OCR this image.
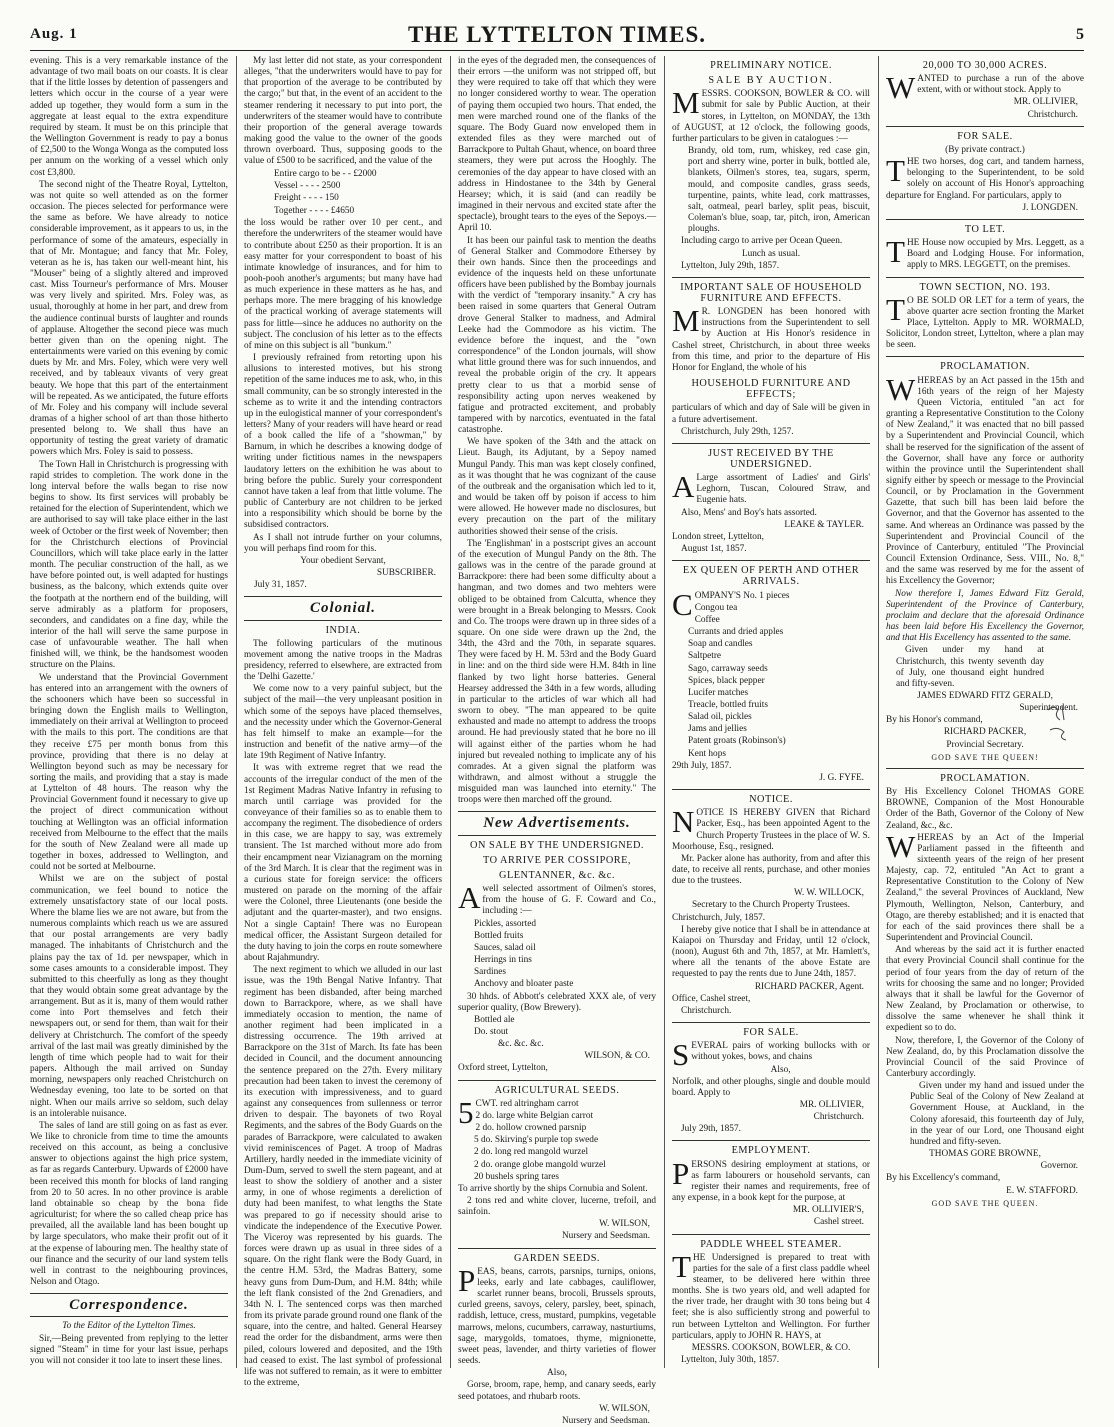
Aug. 1	THE LYTTELTON TIMES.	5

evening. This is a very remarkable instance of the advantage of two mail boats on our coasts. It is clear that if the little losses by detention of passengers and letters which occur in the course of a year were added up together, they would form a sum in the aggregate at least equal to the extra expenditure required by steam. It must be on this principle that the Wellington Government is ready to pay a bonus of £2,500 to the Wonga Wonga as the computed loss per annum on the working of a vessel which only cost £3,800.

The second night of the Theatre Royal, Lyttelton, was not quite so well attended as on the former occasion. The pieces selected for performance were the same as before. We have already to notice considerable improvement, as it appears to us, in the performance of some of the amateurs, especially in that of Mr. Montague; and fancy that Mr. Foley, veteran as he is, has taken our well-meant hint, his "Mouser" being of a slightly altered and improved cast. Miss Tourneur's performance of Mrs. Mouser was very lively and spirited. Mrs. Foley was, as usual, thoroughly at home in her part, and drew from the audience continual bursts of laughter and rounds of applause. Altogether the second piece was much better given than on the opening night. The entertainments were varied on this evening by comic duets by Mr. and Mrs. Foley, which were very well received, and by tableaux vivants of very great beauty. We hope that this part of the entertainment will be repeated. As we anticipated, the future efforts of Mr. Foley and his company will include several dramas of a higher school of art than those hitherto presented belong to. We shall thus have an opportunity of testing the great variety of dramatic powers which Mrs. Foley is said to possess.

The Town Hall in Christchurch is progressing with rapid strides to completion. The work done in the long interval before the walls began to rise now begins to show. Its first services will probably be retained for the election of Superintendent, which we are authorised to say will take place either in the last week of October or the first week of November; then for the Christchurch elections of Provincial Councillors, which will take place early in the latter month. The peculiar construction of the hall, as we have before pointed out, is well adapted for hustings business, as the balcony, which extends quite over the footpath at the northern end of the building, will serve admirably as a platform for proposers, seconders, and candidates on a fine day, while the interior of the hall will serve the same purpose in case of unfavourable weather. The hall when finished will, we think, be the handsomest wooden structure on the Plains.

We understand that the Provincial Government has entered into an arrangement with the owners of the schooners which have been so successful in bringing down the English mails to Wellington, immediately on their arrival at Wellington to proceed with the mails to this port. The conditions are that they receive £75 per month bonus from this province, providing that there is no delay at Wellington beyond such as may be necessary for sorting the mails, and providing that a stay is made at Lyttelton of 48 hours. The reason why the Provincial Government found it necessary to give up the project of direct communication without touching at Wellington was an official information received from Melbourne to the effect that the mails for the south of New Zealand were all made up together in boxes, addressed to Wellington, and could not be sorted at Melbourne.

Whilst we are on the subject of postal communication, we feel bound to notice the extremely unsatisfactory state of our local posts. Where the blame lies we are not aware, but from the numerous complaints which reach us we are assured that our postal arrangements are very badly managed. The inhabitants of Christchurch and the plains pay the tax of 1d. per newspaper, which in some cases amounts to a considerable impost. They submitted to this cheerfully as long as they thought that they would obtain some great advantage by the arrangement. But as it is, many of them would rather come into Port themselves and fetch their newspapers out, or send for them, than wait for their delivery at Christchurch. The comfort of the speedy arrival of the last mail was greatly diminished by the length of time which people had to wait for their papers. Although the mail arrived on Sunday morning, newspapers only reached Christchurch on Wednesday evening, too late to be sorted on that night. When our mails arrive so seldom, such delay is an intolerable nuisance.

The sales of land are still going on as fast as ever. We like to chronicle from time to time the amounts received on this account, as being a conclusive answer to objections against the high price system, as far as regards Canterbury. Upwards of £2000 have been received this month for blocks of land ranging from 20 to 50 acres. In no other province is arable land obtainable so cheap by the bona fide agriculturist; for where the so called cheap price has prevailed, all the available land has been bought up by large speculators, who make their profit out of it at the expense of labouring men. The healthy state of our finance and the security of our land system tells well in contrast to the neighbouring provinces, Nelson and Otago.

Correspondence.

To the Editor of the Lyttelton Times.

Sir,—Being prevented from replying to the letter signed "Steam" in time for your last issue, perhaps you will not consider it too late to insert these lines.

My last letter did not state, as your correspondent alleges, "that the underwriters would have to pay for that proportion of the average to be contributed by the cargo;" but that, in the event of an accident to the steamer rendering it necessary to put into port, the underwriters of the steamer would have to contribute their proportion of the general average towards making good the value to the owner of the goods thrown overboard. Thus, supposing goods to the value of £500 to be sacrificed, and the value of the

Entire cargo to be - - £2000

Vessel - - - - 2500

Freight - - - - 150

Together - - - - £4650

the loss would be rather over 10 per cent., and therefore the underwriters of the steamer would have to contribute about £250 as their proportion. It is an easy matter for your correspondent to boast of his intimate knowledge of insurances, and for him to pooh-pooh another's arguments; but many have had as much experience in these matters as he has, and perhaps more. The mere bragging of his knowledge of the practical working of average statements will pass for little—since he adduces no authority on the subject. The conclusion of his letter as to the effects of mine on this subject is all "bunkum."

I previously refrained from retorting upon his allusions to interested motives, but his strong repetition of the same induces me to ask, who, in this small community, can be so strongly interested in the scheme as to write it and the intending contractors up in the eulogistical manner of your correspondent's letters? Many of your readers will have heard or read of a book called the life of a "showman," by Barnum, in which he describes a knowing dodge of writing under fictitious names in the newspapers laudatory letters on the exhibition he was about to bring before the public. Surely your correspondent cannot have taken a leaf from that little volume. The public of Canterbury are not children to be jerked into a responsibility which should be borne by the subsidised contractors.

As I shall not intrude further on your columns, you will perhaps find room for this.

Your obedient Servant,

SUBSCRIBER.

July 31, 1857.

Colonial.
INDIA.

The following particulars of the mutinous movement among the native troops in the Madras presidency, referred to elsewhere, are extracted from the 'Delhi Gazette.'

We come now to a very painful subject, but the subject of the mail—the very unpleasant position in which some of the sepoys have placed themselves, and the necessity under which the Governor-General has felt himself to make an example—for the instruction and benefit of the native army—of the late 19th Regiment of Native Infantry.

It was with extreme regret that we read the accounts of the irregular conduct of the men of the 1st Regiment Madras Native Infantry in refusing to march until carriage was provided for the conveyance of their families so as to enable them to accompany the regiment. The disobedience of orders in this case, we are happy to say, was extremely transient. The 1st marched without more ado from their encampment near Vizianagram on the morning of the 3rd March. It is clear that the regiment was in a curious state for foreign service: the officers mustered on parade on the morning of the affair were the Colonel, three Lieutenants (one beside the adjutant and the quarter-master), and two ensigns. Not a single Captain! There was no European medical officer, the Assistant Surgeon detailed for the duty having to join the corps en route somewhere about Rajahmundry.

The next regiment to which we alluded in our last issue, was the 19th Bengal Native Infantry. That regiment has been disbanded, after being marched down to Barrackpore, where, as we shall have immediately occasion to mention, the name of another regiment had been implicated in a distressing occurrence. The 19th arrived at Barrackpore on the 31st of March. Its fate has been decided in Council, and the document announcing the sentence prepared on the 27th. Every military precaution had been taken to invest the ceremony of its execution with impressiveness, and to guard against any consequences from sullenness or terror driven to despair. The bayonets of two Royal Regiments, and the sabres of the Body Guards on the parades of Barrackpore, were calculated to awaken vivid reminiscences of Paget. A troop of Madras Artillery, hardly needed in the immediate vicinity of Dum-Dum, served to swell the stern pageant, and at least to show the soldiery of another and a sister army, in one of whose regiments a dereliction of duty had been manifest, to what lengths the State was prepared to go if necessity should arise to vindicate the independence of the Executive Power. The Viceroy was represented by his guards. The forces were drawn up as usual in three sides of a square. On the right flank were the Body Guard, in the centre H.M. 53rd, the Madras Battery, some heavy guns from Dum-Dum, and H.M. 84th; while the left flank consisted of the 2nd Grenadiers, and 34th N. I. The sentenced corps was then marched from its private parade ground round one flank of the square, into the centre, and halted. General Hearsey read the order for the disbandment, arms were then piled, colours lowered and deposited, and the 19th had ceased to exist. The last symbol of professional life was not suffered to remain, as it were to embitter to the extreme,

in the eyes of the degraded men, the consequences of their errors —the uniform was not stripped off, but they were required to take off that which they were no longer considered worthy to wear. The operation of paying them occupied two hours. That ended, the men were marched round one of the flanks of the square. The Body Guard now enveloped them in extended files as they were marched out of Barrackpore to Pultah Ghaut, whence, on board three steamers, they were put across the Hooghly. The ceremonies of the day appear to have closed with an address in Hindostanee to the 34th by General Hearsey; which, it is said (and can readily be imagined in their nervous and excited state after the spectacle), brought tears to the eyes of the Sepoys.—April 10.

It has been our painful task to mention the deaths of General Stalker and Commodore Ethersey by their own hands. Since then the proceedings and evidence of the inquests held on these unfortunate officers have been published by the Bombay journals with the verdict of "temporary insanity." A cry has been raised in some quarters that General Outram drove General Stalker to madness, and Admiral Leeke had the Commodore as his victim. The evidence before the inquest, and the "own correspondence" of the London journals, will show what little ground there was for such innuendos, and reveal the probable origin of the cry. It appears pretty clear to us that a morbid sense of responsibility acting upon nerves weakened by fatigue and protracted excitement, and probably tampered with by narcotics, eventuated in the fatal catastrophe.

We have spoken of the 34th and the attack on Lieut. Baugh, its Adjutant, by a Sepoy named Mungul Pandy. This man was kept closely confined, as it was thought that he was cognizant of the cause of the outbreak and the organisation which led to it, and would be taken off by poison if access to him were allowed. He however made no disclosures, but every precaution on the part of the military authorities showed their sense of the crisis.

The 'Englishman' in a postscript gives an account of the execution of Mungul Pandy on the 8th. The gallows was in the centre of the parade ground at Barrackpore: there had been some difficulty about a hangman, and two domes and two mehters were obliged to be obtained from Calcutta, whence they were brought in a Break belonging to Messrs. Cook and Co. The troops were drawn up in three sides of a square. On one side were drawn up the 2nd, the 34th, the 43rd and the 70th, in separate squares. They were faced by H. M. 53rd and the Body Guard in line: and on the third side were H.M. 84th in line flanked by two light horse batteries. General Hearsey addressed the 34th in a few words, alluding in particular to the articles of war which all had sworn to obey. "The man appeared to be quite exhausted and made no attempt to address the troops around. He had previously stated that he bore no ill will against either of the parties whom he had injured but revealed nothing to implicate any of his comrades. At a given signal the platform was withdrawn, and almost without a struggle the misguided man was launched into eternity." The troops were then marched off the ground.

New Advertisements.
ON SALE BY THE UNDERSIGNED.
TO ARRIVE PER COSSIPORE,
GLENTANNER, &c. &c.

Awell selected assortment of Oilmen's stores, from the house of G. F. Coward and Co., including :—

Pickles, assorted

Bottled fruits

Sauces, salad oil

Herrings in tins

Sardines

Anchovy and bloater paste

30 hhds. of Abbott's celebrated XXX ale, of very superior quality, (Bow Brewery).

Bottled ale

Do. stout

&c. &c. &c.

WILSON, & CO.

Oxford street, Lyttelton,

AGRICULTURAL SEEDS.

5CWT. red altringham carrot

2 do. large white Belgian carrot

2 do. hollow crowned parsnip

5 do. Skirving's purple top swede

2 do. long red mangold wurzel

2 do. orange globe mangold wurzel

20 bushels spring tares

To arrive shortly by the ships Cornubia and Solent.

2 tons red and white clover, lucerne, trefoil, and sainfoin.

W. WILSON,

Nursery and Seedsman.

GARDEN SEEDS.

PEAS, beans, carrots, parsnips, turnips, onions, leeks, early and late cabbages, cauliflower, scarlet runner beans, brocoli, Brussels sprouts, curled greens, savoys, celery, parsley, beet, spinach, raddish, lettuce, cress, mustard, pumpkins, vegetable marrows, melons, cucumbers, carraway, nasturtiums, sage, marygolds, tomatoes, thyme, mignionette, sweet peas, lavender, and thirty varieties of flower seeds.

Also,

Gorse, broom, rape, hemp, and canary seeds, early seed potatoes, and rhubarb roots.

W. WILSON,

Nursery and Seedsman.

PRELIMINARY NOTICE.
SALE BY AUCTION.

MESSRS. COOKSON, BOWLER & CO. will submit for sale by Public Auction, at their stores, in Lyttelton, on MONDAY, the 13th of AUGUST, at 12 o'clock, the following goods, further particulars to be given in catalogues :—

Brandy, old tom, rum, whiskey, red case gin, port and sherry wine, porter in bulk, bottled ale, blankets, Oilmen's stores, tea, sugars, sperm, mould, and composite candles, grass seeds, turpentine, paints, white lead, cork mattrasses, salt, oatmeal, pearl barley, split peas, biscuit, Coleman's blue, soap, tar, pitch, iron, American ploughs.

Including cargo to arrive per Ocean Queen.

Lunch as usual.

Lyttelton, July 29th, 1857.

IMPORTANT SALE OF HOUSEHOLD FURNITURE AND EFFECTS.

MR. LONGDEN has been honored with instructions from the Superintendent to sell by Auction at His Honor's residence in Cashel street, Christchurch, in about three weeks from this time, and prior to the departure of His Honor for England, the whole of his

HOUSEHOLD FURNITURE AND EFFECTS;

particulars of which and day of Sale will be given in a future advertisement.

Christchurch, July 29th, 1257.

JUST RECEIVED BY THE UNDERSIGNED.

ALarge assortment of Ladies' and Girls' Leghorn, Tuscan, Coloured Straw, and Eugenie hats.

Also, Mens' and Boy's hats assorted.

LEAKE & TAYLER.

London street, Lyttelton,

August 1st, 1857.

EX QUEEN OF PERTH AND OTHER ARRIVALS.

COMPANY'S No. 1 pieces

Congou tea

Coffee

Currants and dried apples

Soap and candles

Saltpetre

Sago, carraway seeds

Spices, black pepper

Lucifer matches

Treacle, bottled fruits

Salad oil, pickles

Jams and jellies

Patent groats (Robinson's)

Kent hops

29th July, 1857.

J. G. FYFE.

NOTICE.

NOTICE IS HEREBY GIVEN that Richard Packer, Esq., has been appointed Agent to the Church Property Trustees in the place of W. S. Moorhouse, Esq., resigned.

Mr. Packer alone has authority, from and after this date, to receive all rents, purchase, and other monies due to the trustees.

W. W. WILLOCK,

Secretary to the Church Property Trustees.

Christchurch, July, 1857.

I hereby give notice that I shall be in attendance at Kaiapoi on Thursday and Friday, until 12 o'clock, (noon), August 6th and 7th, 1857, at Mr. Hamlett's, where all the tenants of the above Estate are requested to pay the rents due to June 24th, 1857.

RICHARD PACKER, Agent.

Office, Cashel street,

Christchurch.

FOR SALE.

SEVERAL pairs of working bullocks with or without yokes, bows, and chains

Also,

Norfolk, and other ploughs, single and double mould board. Apply to

MR. OLLIVIER,

Christchurch.

July 29th, 1857.

EMPLOYMENT.

PERSONS desiring employment at stations, or as farm labourers or household servants, can register their names and requirements, free of any expense, in a book kept for the purpose, at

MR. OLLIVIER'S,

Cashel street.

PADDLE WHEEL STEAMER.

THE Undersigned is prepared to treat with parties for the sale of a first class paddle wheel steamer, to be delivered here within three months. She is two years old, and well adapted for the river trade, her draught with 30 tons being but 4 feet; she is also sufficiently strong and powerful to run between Lyttelton and Wellington. For further particulars, apply to JOHN R. HAYS, at

MESSRS. COOKSON, BOWLER, & CO.

Lyttelton, July 30th, 1857.

20,000 TO 30,000 ACRES.

WANTED to purchase a run of the above extent, with or without stock. Apply to

MR. OLLIVIER,

Christchurch.

FOR SALE.

(By private contract.)

THE two horses, dog cart, and tandem harness, belonging to the Superintendent, to be sold solely on account of His Honor's approaching departure for England. For particulars, apply to

J. LONGDEN.

TO LET.

THE House now occupied by Mrs. Leggett, as a Board and Lodging House. For information, apply to MRS. LEGGETT, on the premises.

TOWN SECTION, NO. 193.

TO BE SOLD OR LET for a term of years, the above quarter acre section fronting the Market Place, Lyttelton. Apply to MR. WORMALD, Solicitor, London street, Lyttelton, where a plan may be seen.

PROCLAMATION.

WHEREAS by an Act passed in the 15th and 16th years of the reign of her Majesty Queen Victoria, entituled "an act for granting a Representative Constitution to the Colony of New Zealand," it was enacted that no bill passed by a Superintendent and Provincial Council, which shall be reserved for the signification of the assent of the Governor, shall have any force or authority within the province until the Superintendent shall signify either by speech or message to the Provincial Council, or by Proclamation in the Government Gazette, that such bill has been laid before the Governor, and that the Governor has assented to the same. And whereas an Ordinance was passed by the Superintendent and Provincial Council of the Province of Canterbury, entituled "The Provincial Council Extension Ordinance, Sess. VIII., No. 8," and the same was reserved by me for the assent of his Excellency the Governor;

Now therefore I, James Edward Fitz Gerald, Superintendent of the Province of Canterbury, proclaim and declare that the aforesaid Ordinance has been laid before His Excellency the Governor, and that His Excellency has assented to the same.

Given under my hand at Christchurch, this twenty seventh day of July, one thousand eight hundred and fifty-seven.

JAMES EDWARD FITZ GERALD,

Superintendent.

By his Honor's command,

RICHARD PACKER,

Provincial Secretary.

GOD SAVE THE QUEEN!

PROCLAMATION.

By His Excellency Colonel THOMAS GORE BROWNE, Companion of the Most Honourable Order of the Bath, Governor of the Colony of New Zealand, &c., &c.

WHEREAS by an Act of the Imperial Parliament passed in the fifteenth and sixteenth years of the reign of her present Majesty, cap. 72, entituled "An Act to grant a Representative Constitution to the Colony of New Zealand," the several Provinces of Auckland, New Plymouth, Wellington, Nelson, Canterbury, and Otago, are thereby established; and it is enacted that for each of the said provinces there shall be a Superintendent and Provincial Council.

And whereas by the said act it is further enacted that every Provincial Council shall continue for the period of four years from the day of return of the writs for choosing the same and no longer; Provided always that it shall be lawful for the Governor of New Zealand, by Proclamation or otherwise, to dissolve the same whenever he shall think it expedient so to do.

Now, therefore, I, the Governor of the Colony of New Zealand, do, by this Proclamation dissolve the Provincial Council of the said Province of Canterbury accordingly.

Given under my hand and issued under the Public Seal of the Colony of New Zealand at Government House, at Auckland, in the Colony aforesaid, this fourteenth day of July, in the year of our Lord, one Thousand eight hundred and fifty-seven.

THOMAS GORE BROWNE,

Governor.

By his Excellency's command,

E. W. STAFFORD.

GOD SAVE THE QUEEN.
